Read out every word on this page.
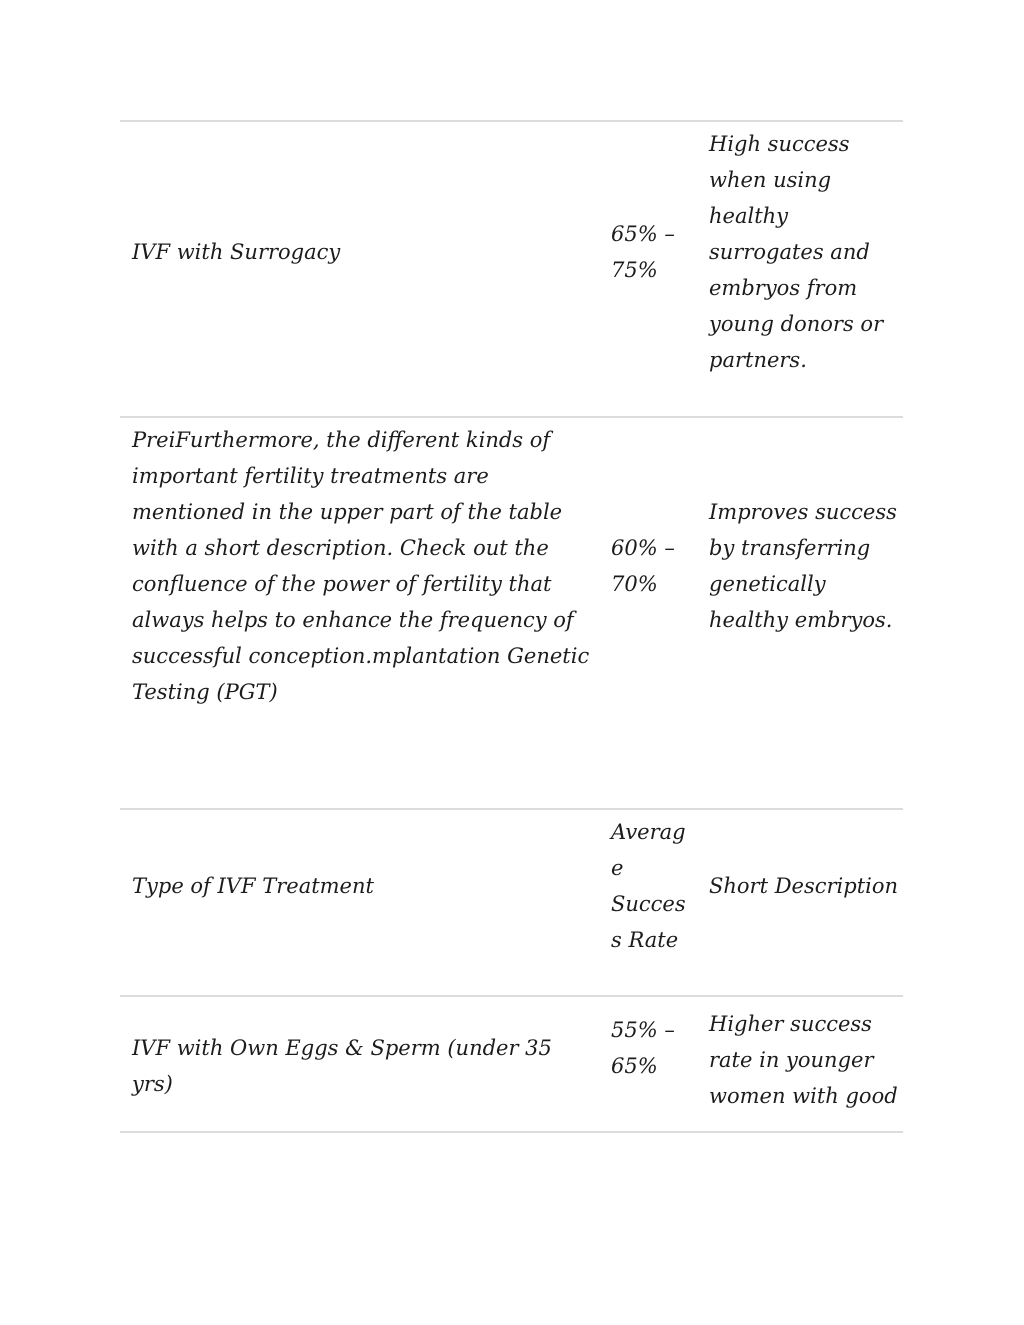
IVF with Surrogacy
65% –
75%
High success when using healthy surrogates and embryos from young donors or partners.
PreiFurthermore, the different kinds of important fertility treatments are mentioned in the upper part of the table with a short description. Check out the confluence of the power of fertility that always helps to enhance the frequency of successful conception.mplantation Genetic Testing (PGT)
60% –
70%
Improves success by transferring genetically healthy embryos.
Type of IVF Treatment
Averag
e
Succes
s Rate
Short Description
IVF with Own Eggs & Sperm (under 35 yrs)
55% –
65%
Higher success rate in younger women with good
